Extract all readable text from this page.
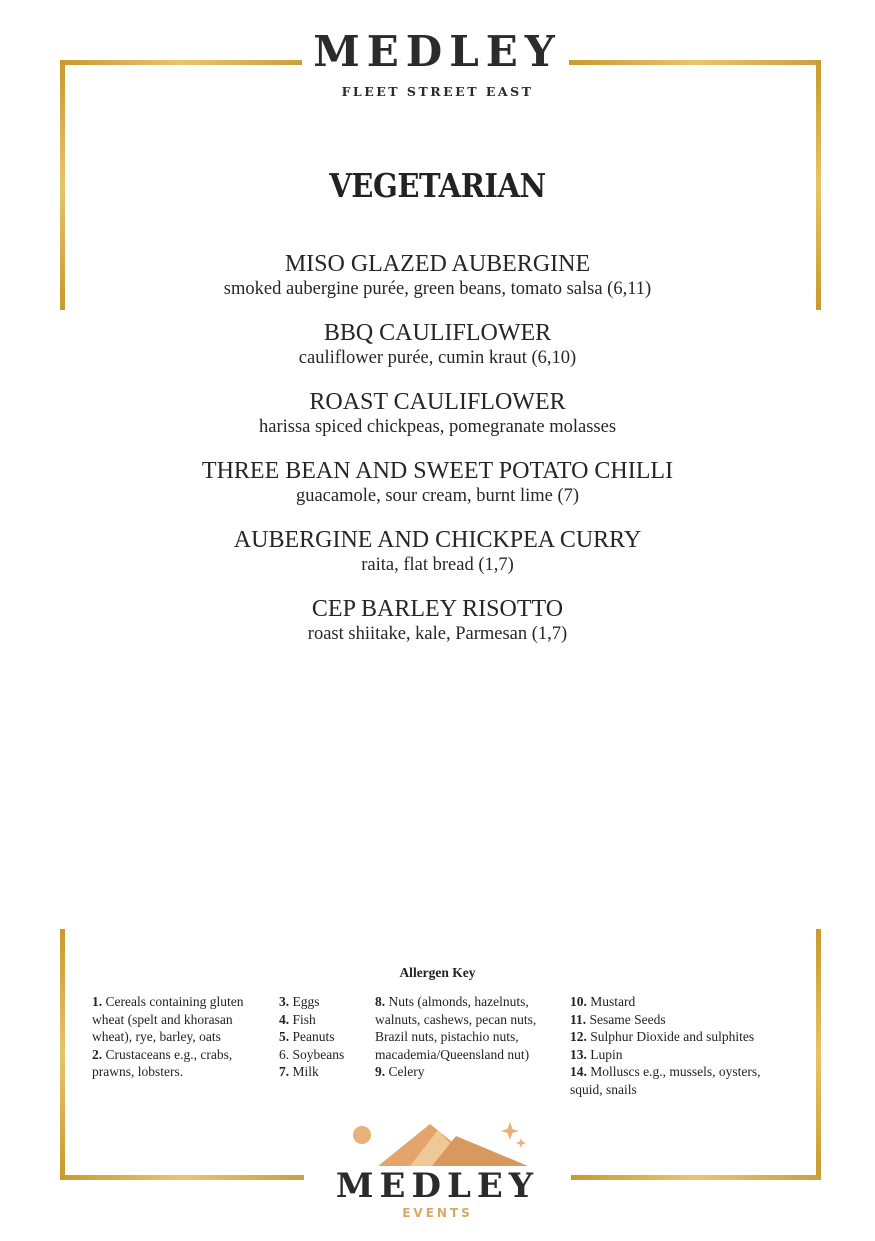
MEDLEY
FLEET STREET EAST
VEGETARIAN
MISO GLAZED AUBERGINE
smoked aubergine purée, green beans, tomato salsa (6,11)
BBQ CAULIFLOWER
cauliflower purée, cumin kraut (6,10)
ROAST CAULIFLOWER
harissa spiced chickpeas, pomegranate molasses
THREE BEAN AND SWEET POTATO CHILLI
guacamole, sour cream, burnt lime (7)
AUBERGINE AND CHICKPEA CURRY
raita, flat bread (1,7)
CEP BARLEY RISOTTO
roast shiitake, kale, Parmesan (1,7)
Allergen Key
1. Cereals containing gluten wheat (spelt and khorasan wheat), rye, barley, oats
2. Crustaceans e.g., crabs, prawns, lobsters.
3. Eggs
4. Fish
5. Peanuts
6. Soybeans
7. Milk
8. Nuts (almonds, hazelnuts, walnuts, cashews, pecan nuts, Brazil nuts, pistachio nuts, macademia/Queensland nut)
9. Celery
10. Mustard
11. Sesame Seeds
12. Sulphur Dioxide and sulphites
13. Lupin
14. Molluscs e.g., mussels, oysters, squid, snails
MEDLEY
EVENTS
